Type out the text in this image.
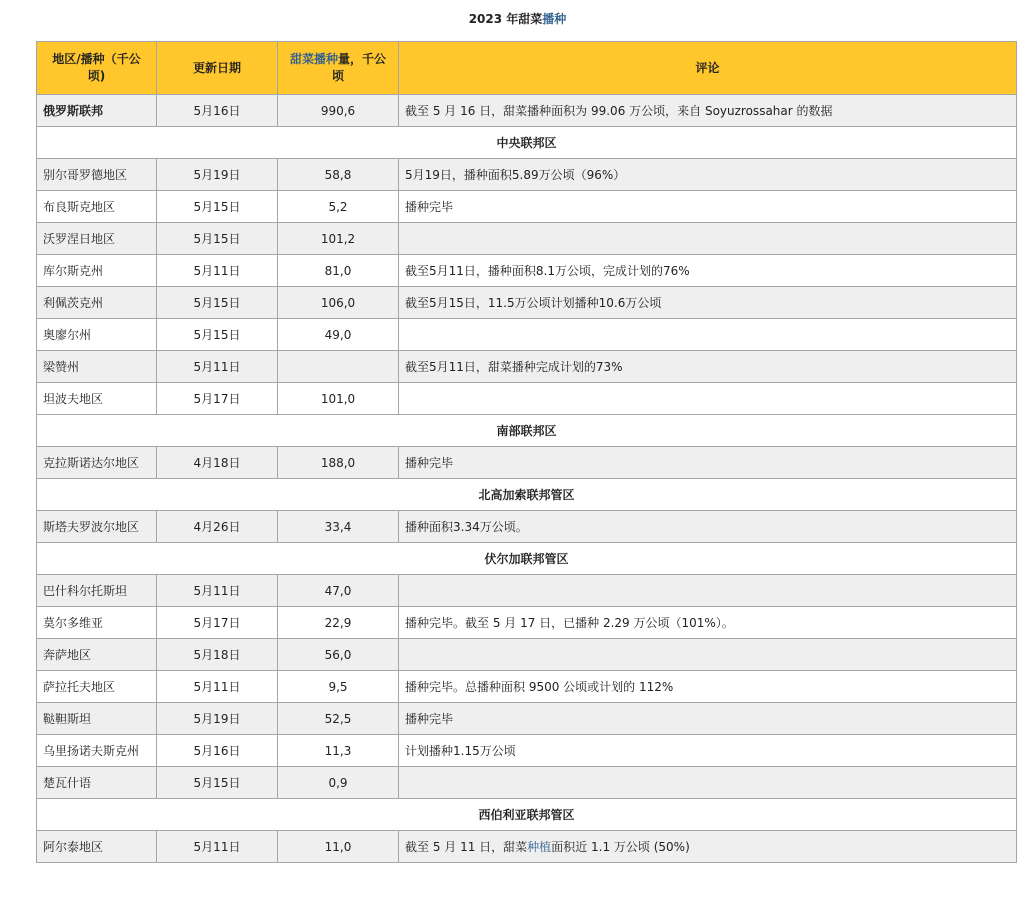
2023 年甜菜播种
地区/播种（千公顷)	更新日期	甜菜播种量，千公顷	评论
俄罗斯联邦	5月16日	990,6	截至 5 月 16 日，甜菜播种面积为 99.06 万公顷，来自 Soyuzrossahar 的数据
中央联邦区			
别尔哥罗德地区	5月19日	58,8	5月19日，播种面积5.89万公顷（96%）
布良斯克地区	5月15日	5,2	播种完毕
沃罗涅日地区	5月15日	101,2	
库尔斯克州	5月11日	81,0	截至5月11日，播种面积8.1万公顷，完成计划的76%
利佩茨克州	5月15日	106,0	截至5月15日，11.5万公顷计划播种10.6万公顷
奥廖尔州	5月15日	49,0	
梁赞州	5月11日		截至5月11日，甜菜播种完成计划的73%
坦波夫地区	5月17日	101,0	
南部联邦区			
克拉斯诺达尔地区	4月18日	188,0	播种完毕
北高加索联邦管区			
斯塔夫罗波尔地区	4月26日	33,4	播种面积3.34万公顷。
伏尔加联邦管区			
巴什科尔托斯坦	5月11日	47,0	
莫尔多维亚	5月17日	22,9	播种完毕。截至 5 月 17 日，已播种 2.29 万公顷（101%）。
奔萨地区	5月18日	56,0	
萨拉托夫地区	5月11日	9,5	播种完毕。总播种面积 9500 公顷或计划的 112%
鞑靼斯坦	5月19日	52,5	播种完毕
乌里扬诺夫斯克州	5月16日	11,3	计划播种1.15万公顷
楚瓦什语	5月15日	0,9	
西伯利亚联邦管区			
阿尔泰地区	5月11日	11,0	截至 5 月 11 日，甜菜种植面积近 1.1 万公顷 (50%)
